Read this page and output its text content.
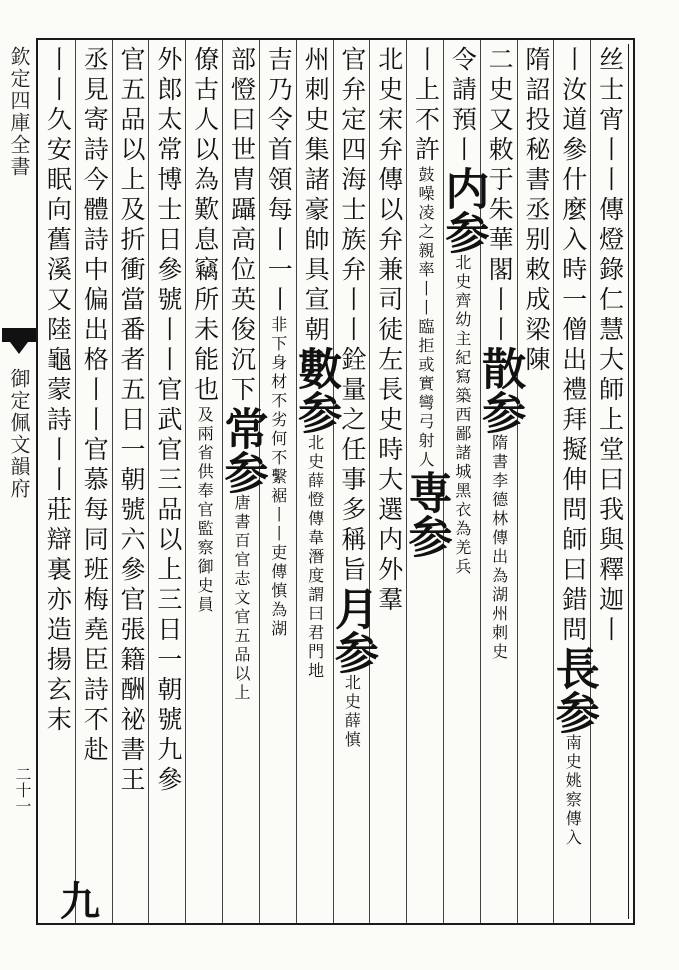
欽定四庫全書
御定佩文韻府
二十一
丝士宵丨丨傳燈錄仁慧大師上堂曰我與釋迦丨
丨汝道參什麼入時一僧出禮拜擬伸問師曰錯問
長参
南史姚察傳入
隋詔投秘書丞别敕成梁陳
二史又敕于朱華閣丨丨
散参
隋書李德林傳出為湖州刺史
令請預丨
内参
北史齊幼主紀寫築西鄙諸城黑衣為羌兵
丨上不許
鼓噪凌之親率丨丨臨拒或實彎弓射人
専参
北史宋弁傳以弁兼司徒左長史時大選内外羣
官弁定四海士族弁丨丨銓量之任事多稱旨
月参
北史薛慎
州刺史集諸豪帥具宣朝
數参
北史薛憕傳韋潛度謂曰君門地
吉乃令首領每丨一丨
非下身材不劣何不繫裾丨丨吏傳慎為湖
部憕曰世胄躡高位英俊沉下
常参
唐書百官志文官五品以上
僚古人以為歎息竊所未能也
及兩省供奉官監察御史員
外郎太常博士日參號丨丨官武官三品以上三日一朝號九參
官五品以上及折衝當番者五日一朝號六參官張籍酬祕書王
丞見寄詩今體詩中偏出格丨丨官慕每同班梅堯臣詩不赴
丨丨久安眠向舊溪又陸龜蒙詩丨丨莊辯裏亦造揚玄末
九
